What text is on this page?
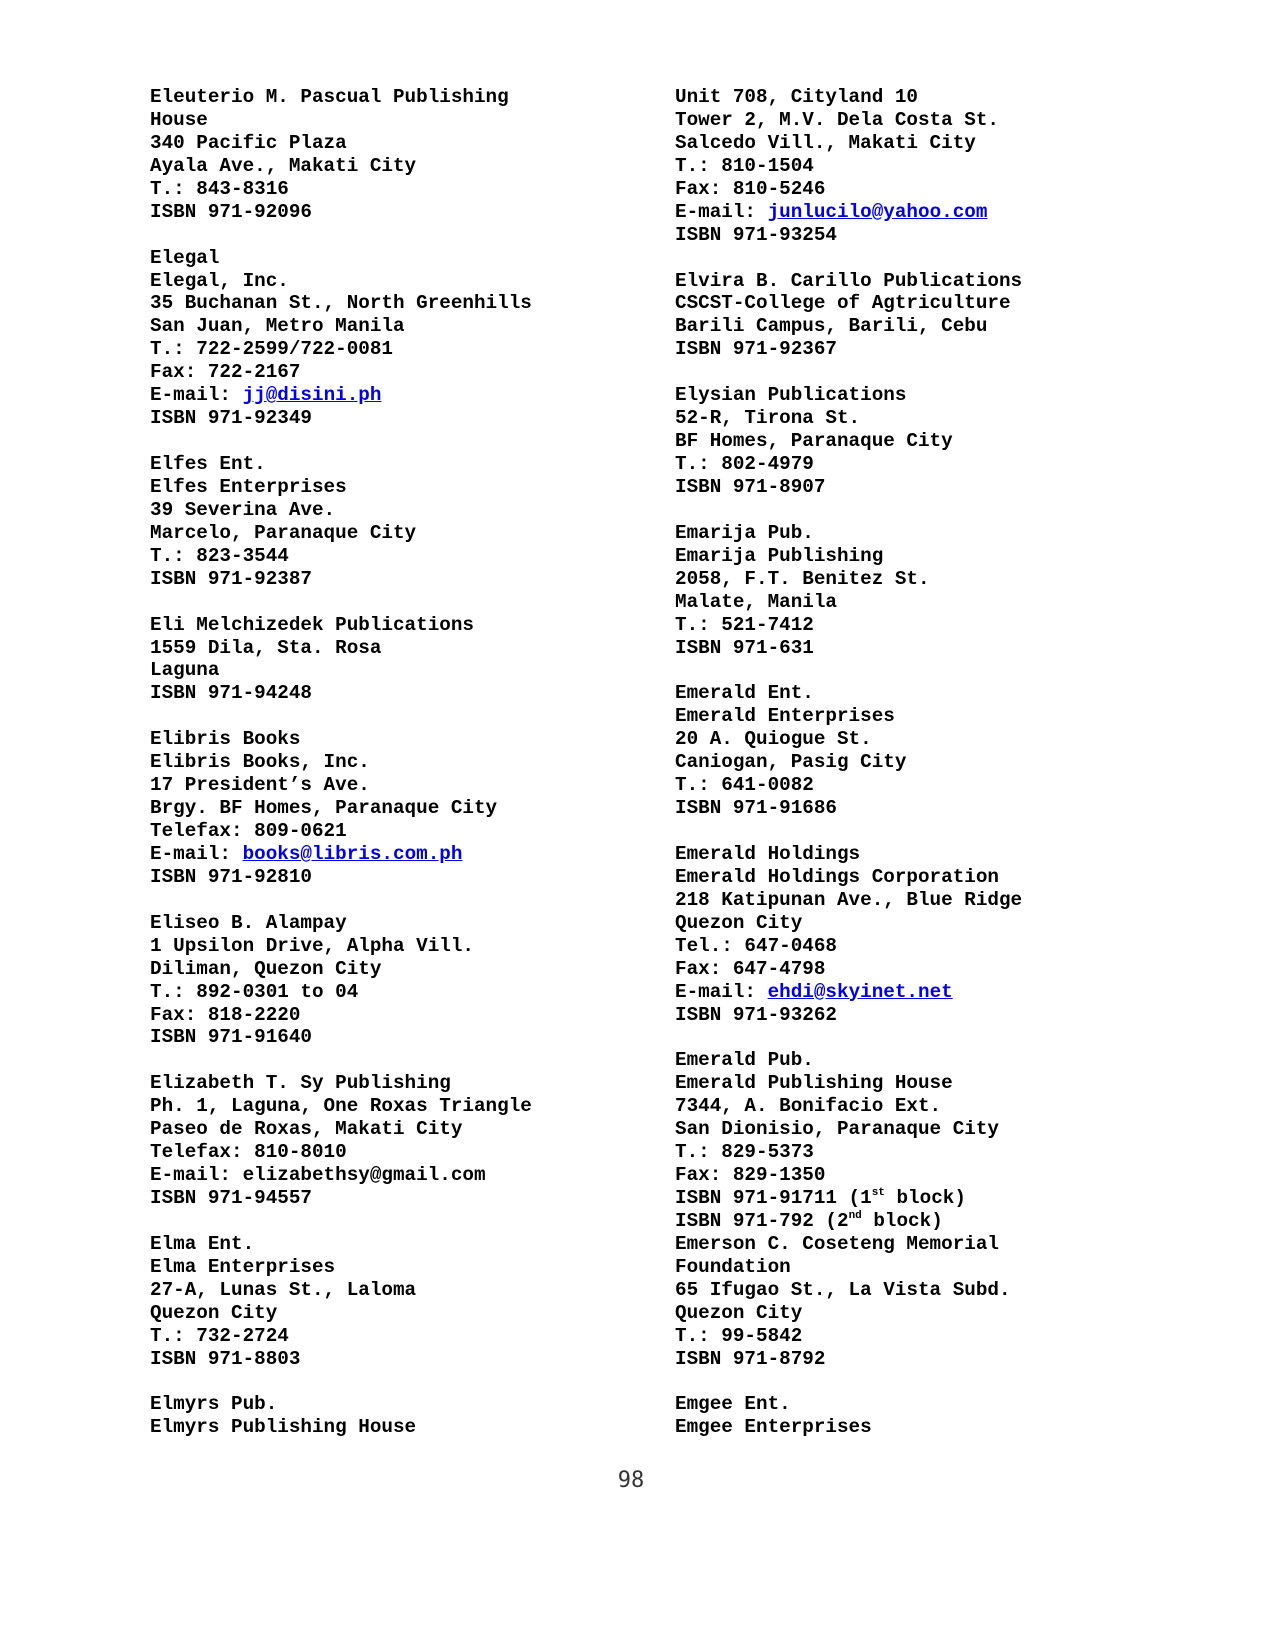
Eleuterio M. Pascual Publishing
House
340 Pacific Plaza
Ayala Ave., Makati City
T.: 843-8316
ISBN 971-92096
Elegal
Elegal, Inc.
35 Buchanan St., North Greenhills
San Juan, Metro Manila
T.: 722-2599/722-0081
Fax: 722-2167
E-mail: jj@disini.ph
ISBN 971-92349
Elfes Ent.
Elfes Enterprises
39 Severina Ave.
Marcelo, Paranaque City
T.: 823-3544
ISBN 971-92387
Eli Melchizedek Publications
1559 Dila, Sta. Rosa
Laguna
ISBN 971-94248
Elibris Books
Elibris Books, Inc.
17 President’s Ave.
Brgy. BF Homes, Paranaque City
Telefax: 809-0621
E-mail: books@libris.com.ph
ISBN 971-92810
Eliseo B. Alampay
1 Upsilon Drive, Alpha Vill.
Diliman, Quezon City
T.: 892-0301 to 04
Fax: 818-2220
ISBN 971-91640
Elizabeth T. Sy Publishing
Ph. 1, Laguna, One Roxas Triangle
Paseo de Roxas, Makati City
Telefax: 810-8010
E-mail: elizabethsy@gmail.com
ISBN 971-94557
Elma Ent.
Elma Enterprises
27-A, Lunas St., Laloma
Quezon City
T.: 732-2724
ISBN 971-8803
Elmyrs Pub.
Elmyrs Publishing House
Unit 708, Cityland 10
Tower 2, M.V. Dela Costa St.
Salcedo Vill., Makati City
T.: 810-1504
Fax: 810-5246
E-mail: junlucilo@yahoo.com
ISBN 971-93254
Elvira B. Carillo Publications
CSCST-College of Agtriculture
Barili Campus, Barili, Cebu
ISBN 971-92367
Elysian Publications
52-R, Tirona St.
BF Homes, Paranaque City
T.: 802-4979
ISBN 971-8907
Emarija Pub.
Emarija Publishing
2058, F.T. Benitez St.
Malate, Manila
T.: 521-7412
ISBN 971-631
Emerald Ent.
Emerald Enterprises
20 A. Quiogue St.
Caniogan, Pasig City
T.: 641-0082
ISBN 971-91686
Emerald Holdings
Emerald Holdings Corporation
218 Katipunan Ave., Blue Ridge
Quezon City
Tel.: 647-0468
Fax: 647-4798
E-mail: ehdi@skyinet.net
ISBN 971-93262
Emerald Pub.
Emerald Publishing House
7344, A. Bonifacio Ext.
San Dionisio, Paranaque City
T.: 829-5373
Fax: 829-1350
ISBN 971-91711 (1st block)
ISBN 971-792 (2nd block)
Emerson C. Coseteng Memorial
Foundation
65 Ifugao St., La Vista Subd.
Quezon City
T.: 99-5842
ISBN 971-8792
Emgee Ent.
Emgee Enterprises
98
